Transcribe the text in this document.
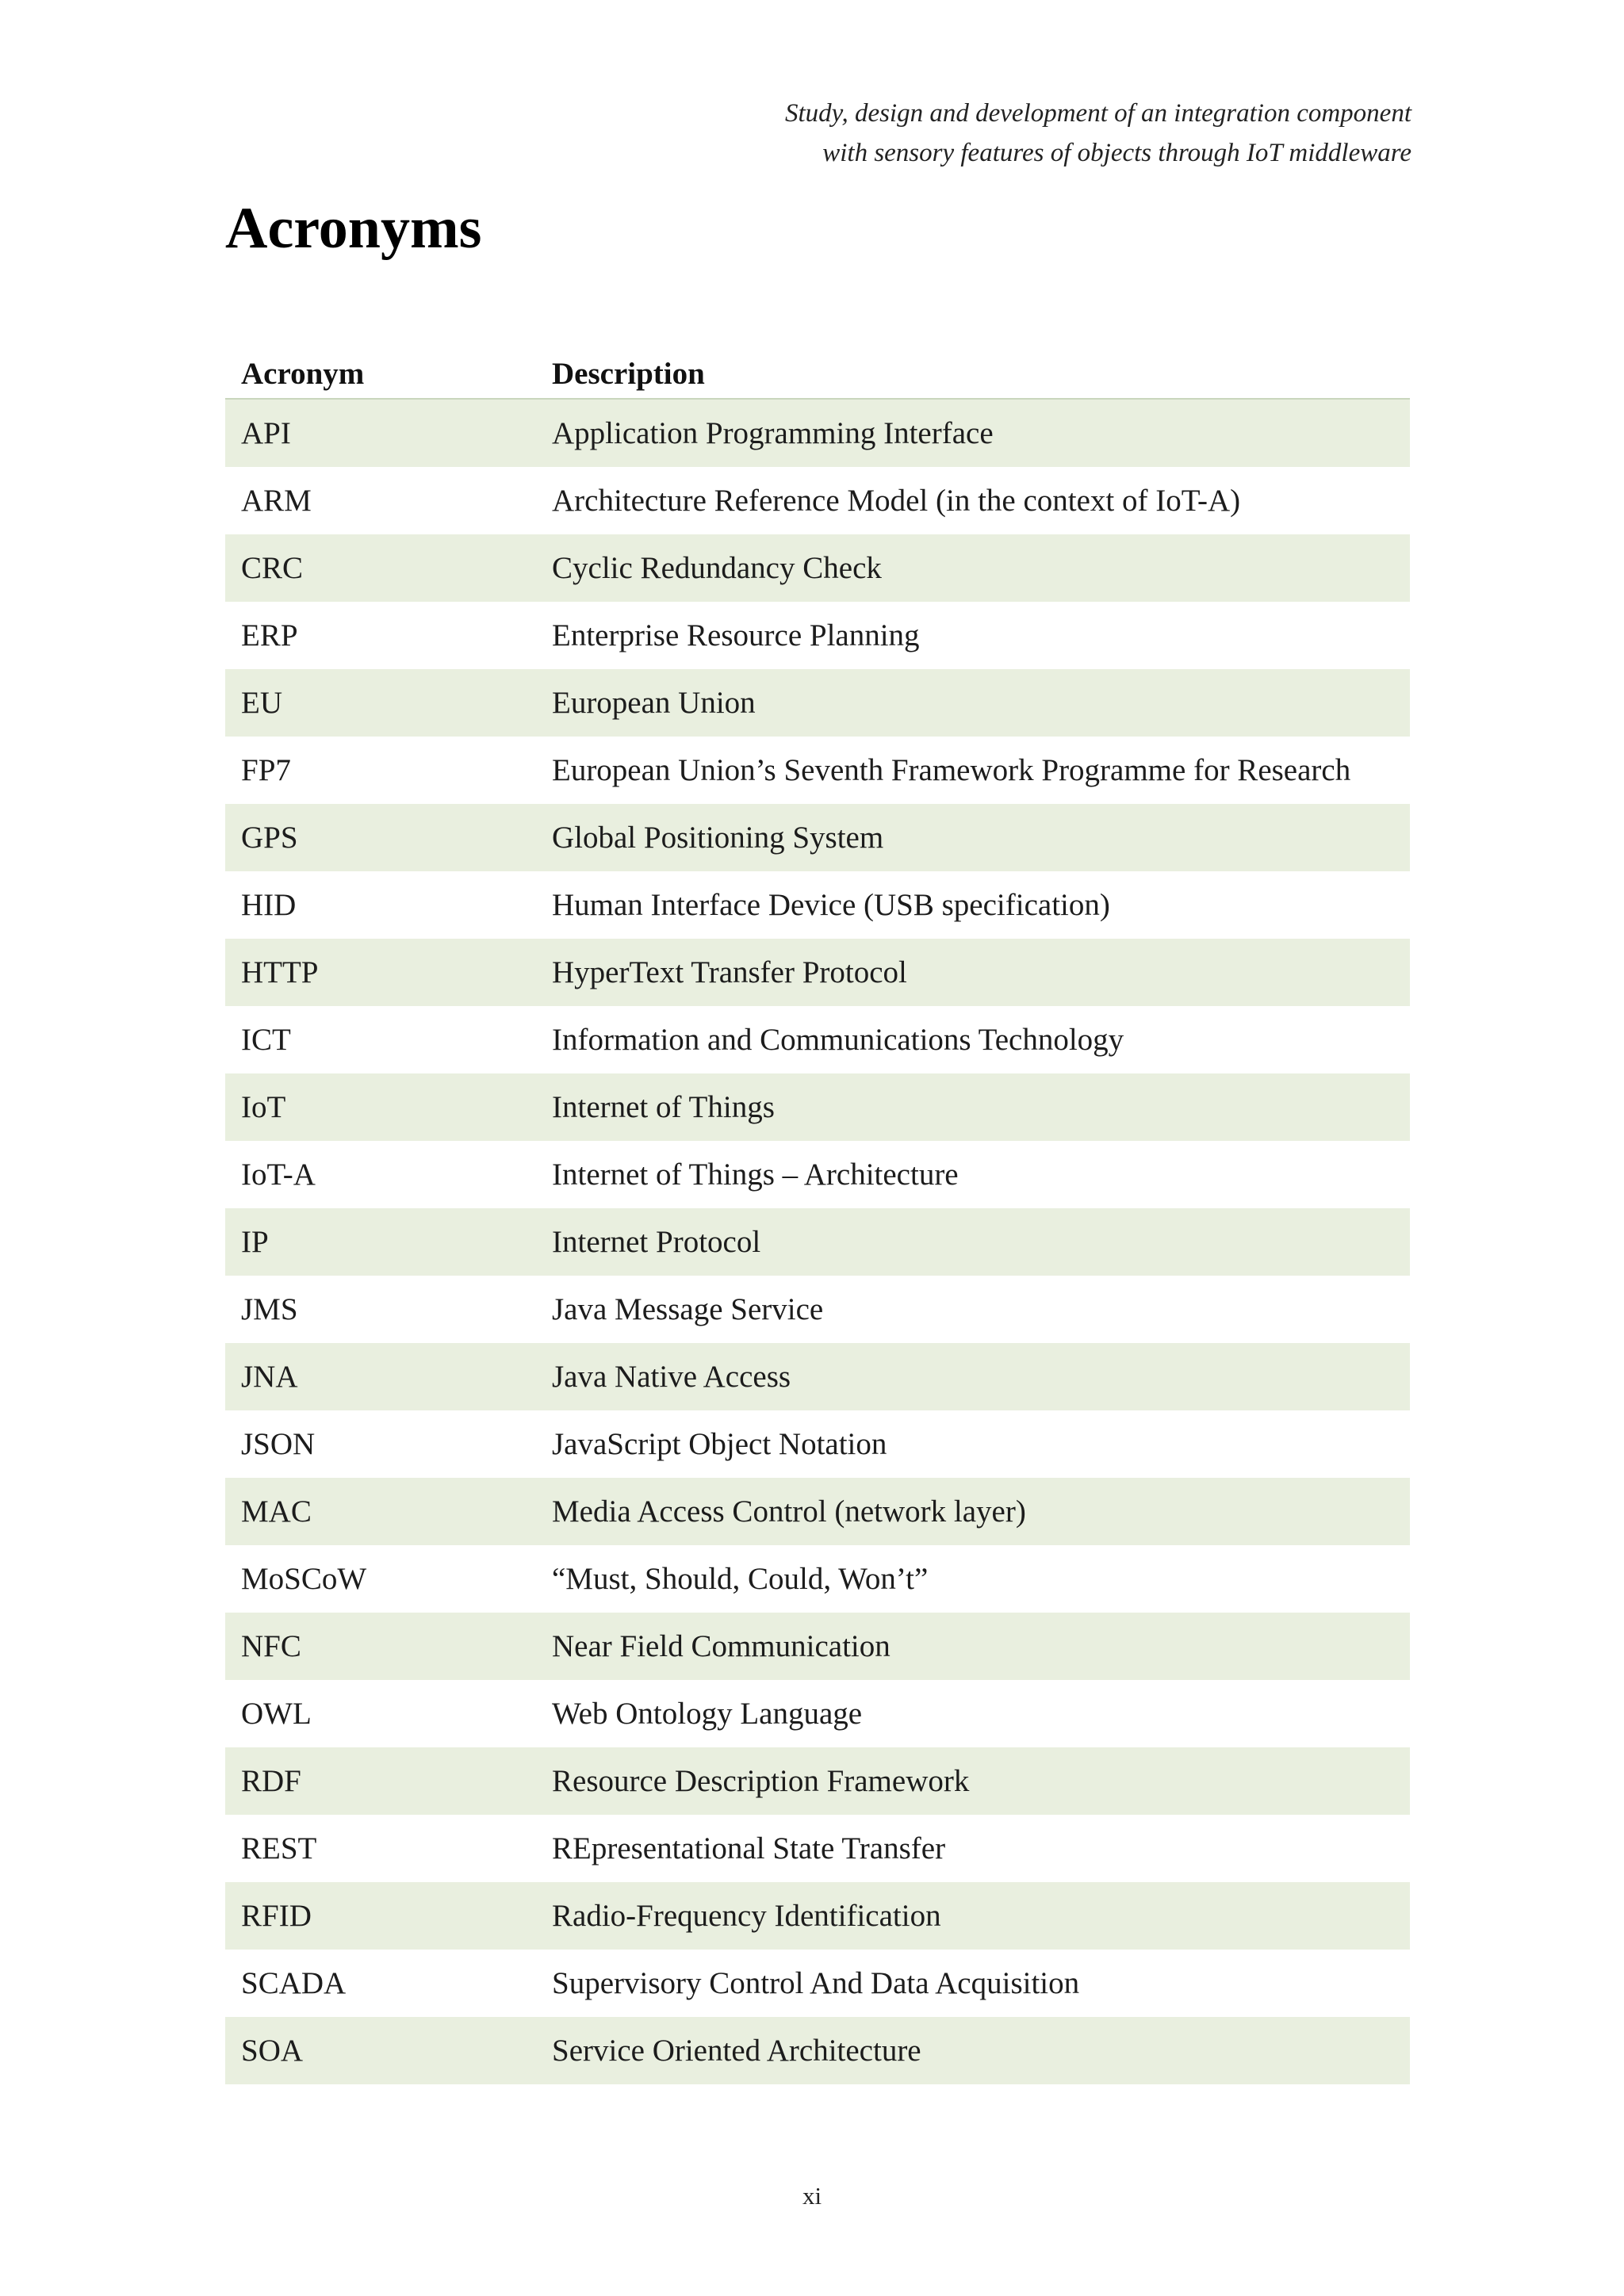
Study, design and development of an integration component
with sensory features of objects through IoT middleware
Acronyms
Acronym	Description
API	Application Programming Interface
ARM	Architecture Reference Model (in the context of IoT-A)
CRC	Cyclic Redundancy Check
ERP	Enterprise Resource Planning
EU	European Union
FP7	European Union’s Seventh Framework Programme for Research
GPS	Global Positioning System
HID	Human Interface Device (USB specification)
HTTP	HyperText Transfer Protocol
ICT	Information and Communications Technology
IoT	Internet of Things
IoT-A	Internet of Things – Architecture
IP	Internet Protocol
JMS	Java Message Service
JNA	Java Native Access
JSON	JavaScript Object Notation
MAC	Media Access Control (network layer)
MoSCoW	“Must, Should, Could, Won’t”
NFC	Near Field Communication
OWL	Web Ontology Language
RDF	Resource Description Framework
REST	REpresentational State Transfer
RFID	Radio-Frequency Identification
SCADA	Supervisory Control And Data Acquisition
SOA	Service Oriented Architecture
xi
